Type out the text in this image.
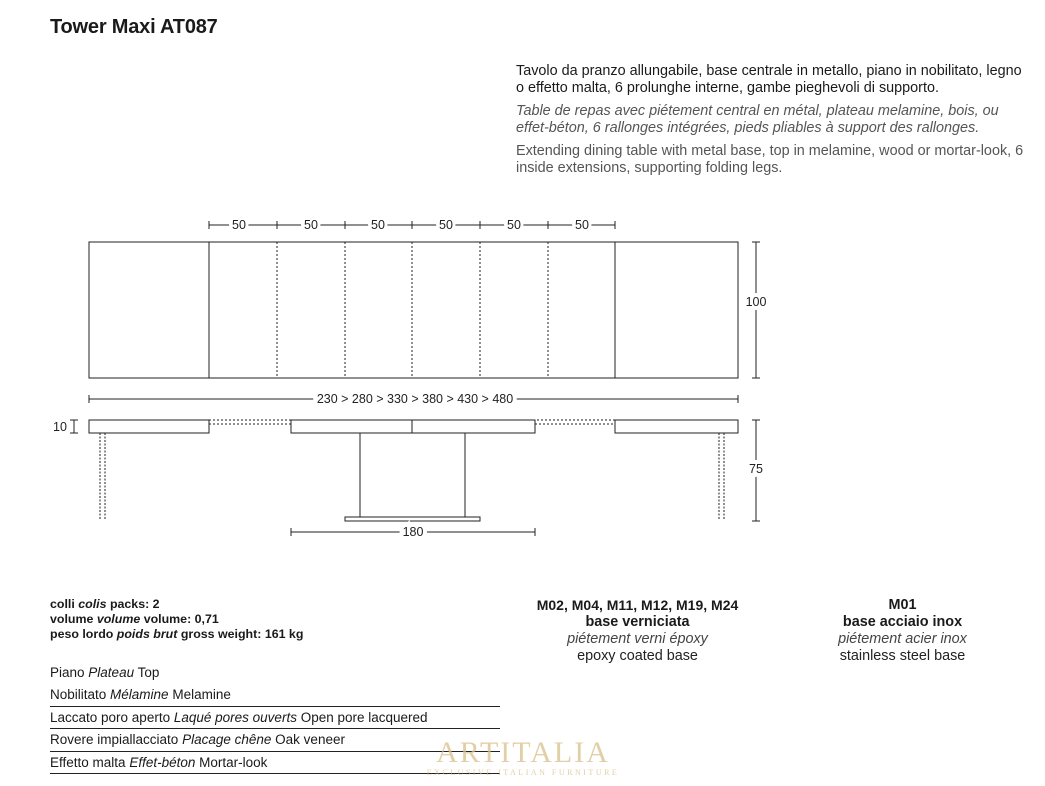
Tower Maxi AT087

Tavolo da pranzo allungabile, base centrale in metallo, piano in nobilitato, legno o effetto malta, 6 prolunghe interne, gambe pieghevoli di supporto.

Table de repas avec piétement central en métal, plateau melamine, bois, ou effet-béton, 6 rallonges intégrées, pieds pliables à support des rallonges.

Extending dining table with metal base, top in melamine, wood or mortar-look, 6 inside extensions, supporting folding legs.

50	50	50	50	50	50
100
230 > 280 > 330 > 380 > 430 > 480
10
75
180
colli colis packs: 2
volume volume volume: 0,71
peso lordo poids brut gross weight: 161 kg
Piano Plateau Top
Nobilitato Mélamine Melamine
Laccato poro aperto Laqué pores ouverts Open pore lacquered
Rovere impiallacciato Placage chêne Oak veneer
Effetto malta Effet-béton Mortar-look
M02, M04, M11, M12, M19, M24
base verniciata
piétement verni époxy
epoxy coated base
M01
base acciaio inox
piétement acier inox
stainless steel base
ARTITALIA
EXCLUSIVE ITALIAN FURNITURE
